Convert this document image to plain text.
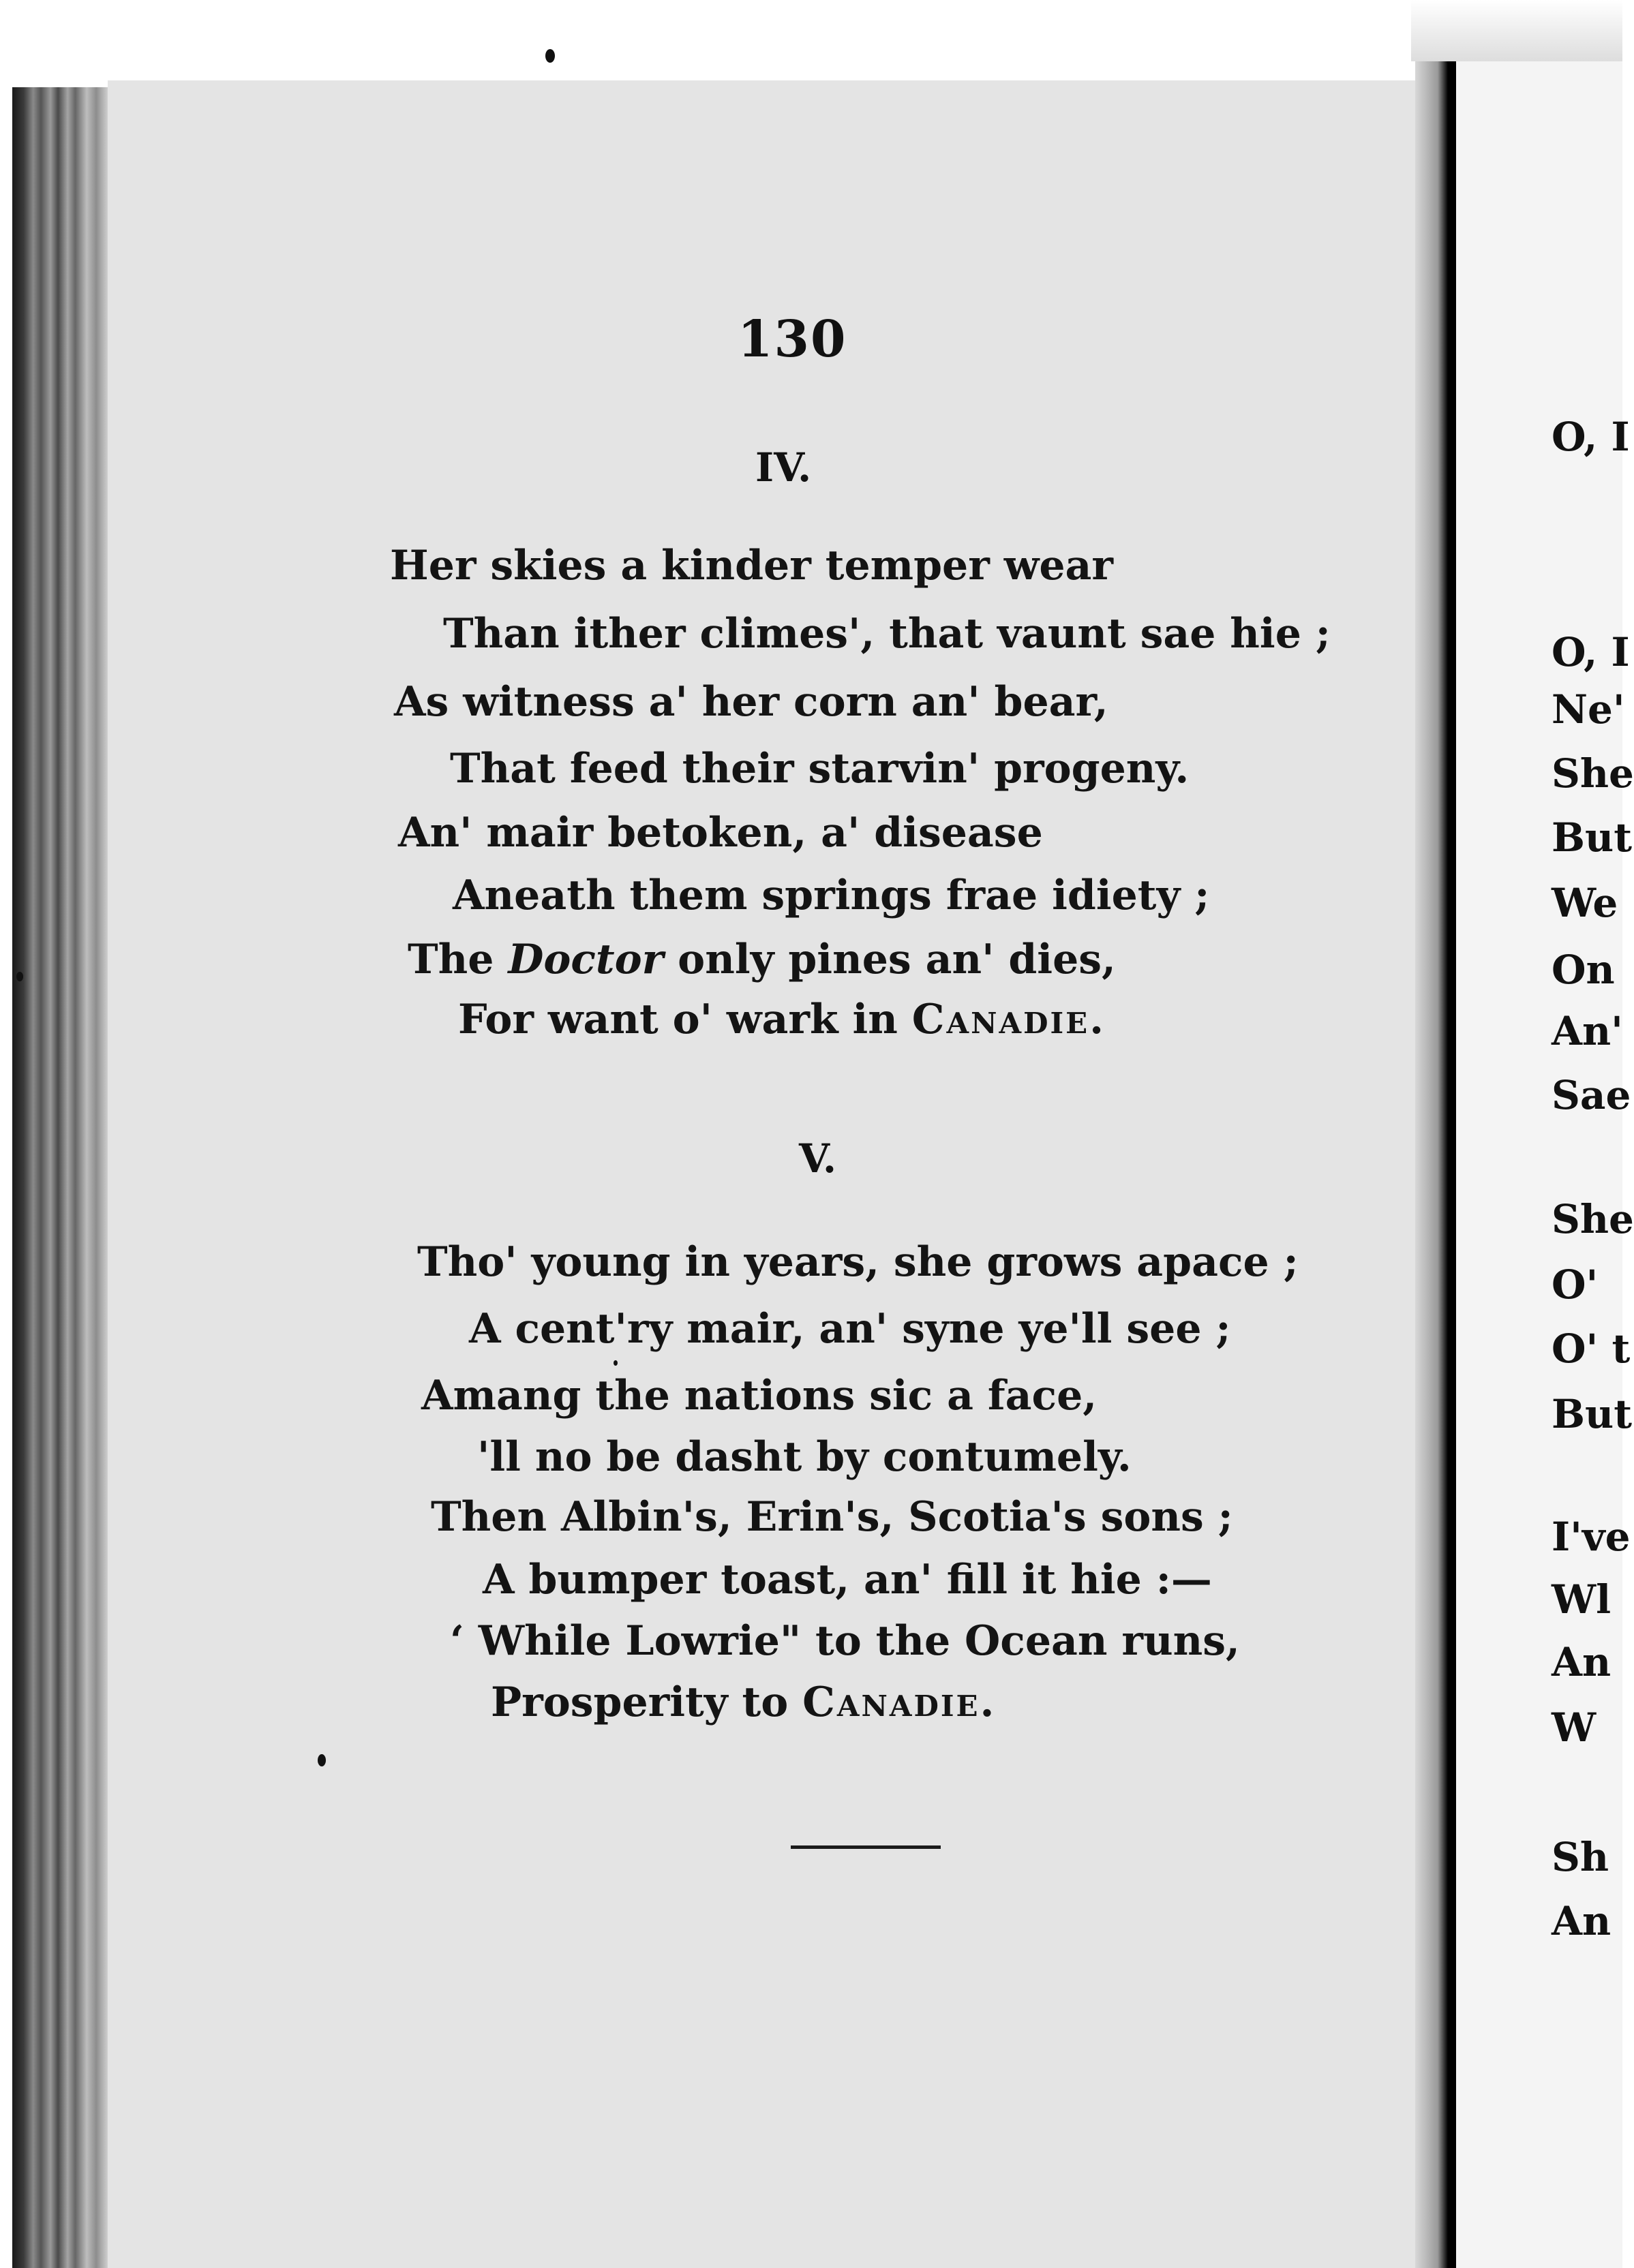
130
IV.
Her skies a kinder temper wear
Than ither climes', that vaunt sae hie ;
As witness a' her corn an' bear,
That feed their starvin' progeny.
An' mair betoken, a' disease
Aneath them springs frae idiety ;
The Doctor only pines an' dies,
For want o' wark in Canadie.
V.
Tho' young in years, she grows apace ;
A cent'ry mair, an' syne ye'll see ;
Amang the nations sic a face,
'll no be dasht by contumely.
Then Albin's, Erin's, Scotia's sons ;
A bumper toast, an' fill it hie :—
‘ While Lowrie" to the Ocean runs,
Prosperity to Canadie.
O, I
O, I
Ne'
She
But
We
On
An'
Sae
She
O'
O' t
But
I've
Wl
An
W
Sh
An
